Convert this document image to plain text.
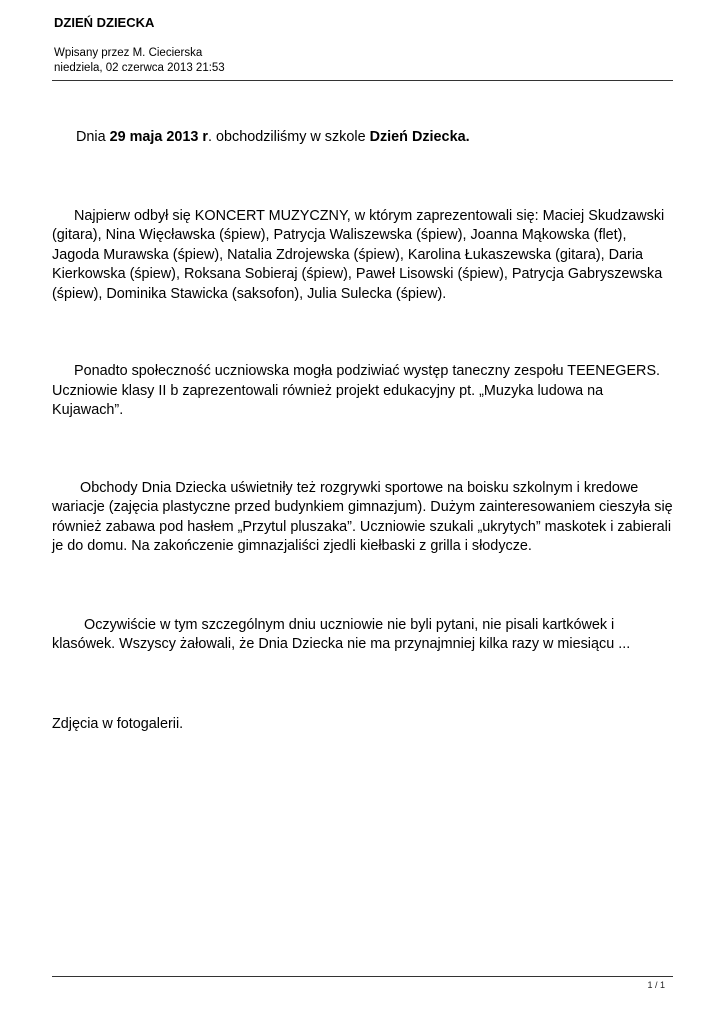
DZIEŃ DZIECKA
Wpisany przez M. Ciecierska
niedziela, 02 czerwca 2013 21:53

Dnia 29 maja 2013 r. obchodziliśmy w szkole Dzień Dziecka.

Najpierw odbył się KONCERT MUZYCZNY, w którym zaprezentowali się: Maciej Skudzawski (gitara), Nina Więcławska (śpiew), Patrycja Waliszewska (śpiew), Joanna Mąkowska (flet), Jagoda Murawska (śpiew), Natalia Zdrojewska (śpiew), Karolina Łukaszewska (gitara), Daria Kierkowska (śpiew), Roksana Sobieraj (śpiew), Paweł Lisowski (śpiew), Patrycja Gabryszewska (śpiew), Dominika Stawicka (saksofon), Julia Sulecka (śpiew).

Ponadto społeczność uczniowska mogła podziwiać występ taneczny zespołu TEENEGERS. Uczniowie klasy II b zaprezentowali również projekt edukacyjny pt. „Muzyka ludowa na Kujawach”.

Obchody Dnia Dziecka uświetniły też rozgrywki sportowe na boisku szkolnym i kredowe wariacje (zajęcia plastyczne przed budynkiem gimnazjum). Dużym zainteresowaniem cieszyła się również zabawa pod hasłem „Przytul pluszaka”. Uczniowie szukali „ukrytych” maskotek i zabierali je do domu. Na zakończenie gimnazjaliści zjedli kiełbaski z grilla i słodycze.

Oczywiście w tym szczególnym dniu uczniowie nie byli pytani, nie pisali kartkówek i klasówek. Wszyscy żałowali, że Dnia Dziecka nie ma przynajmniej kilka razy w miesiącu ...

Zdjęcia w fotogalerii.

1 / 1
